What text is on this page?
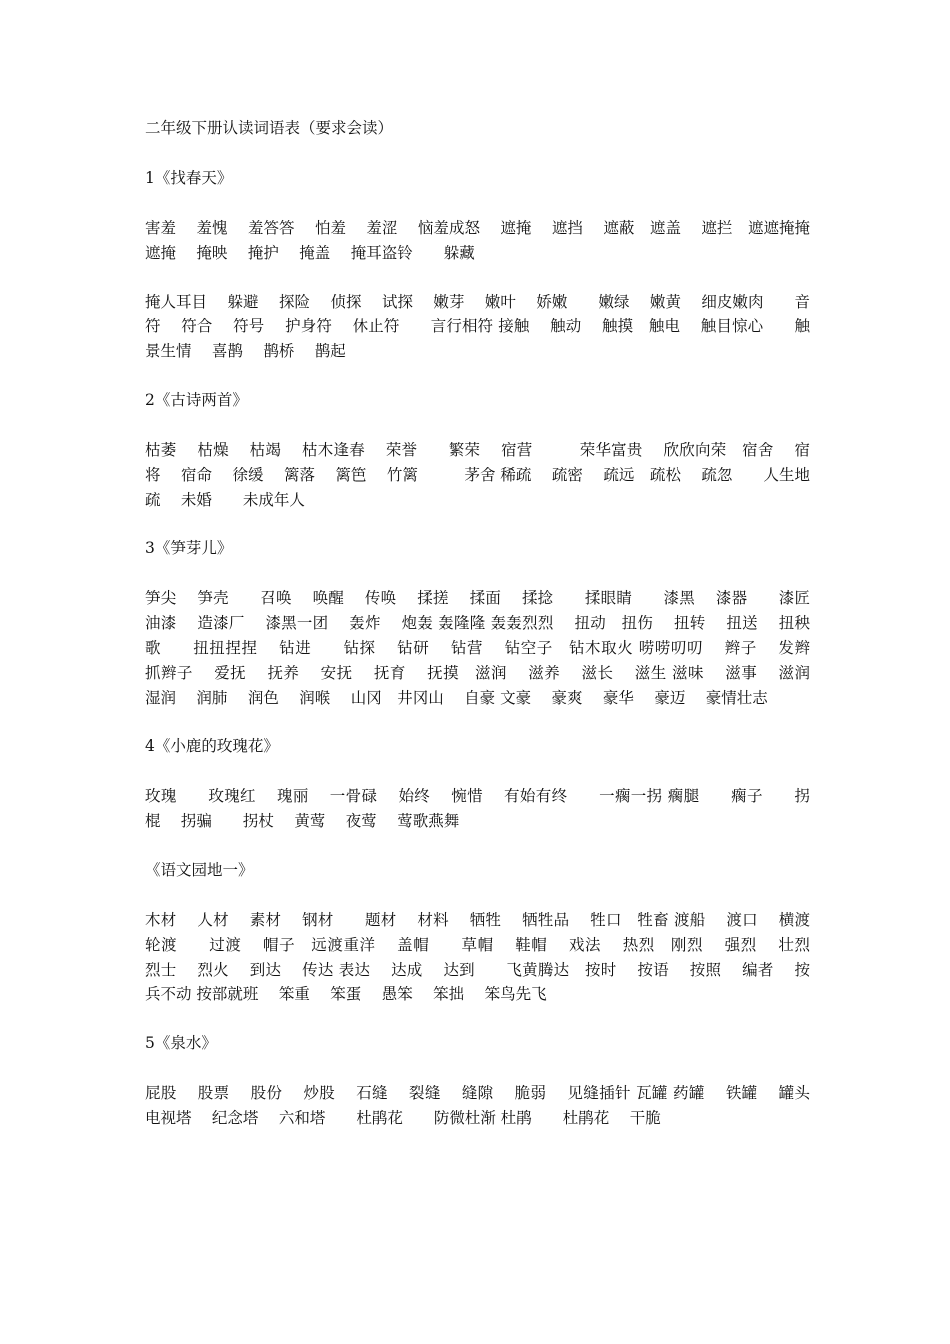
二年级下册认读词语表（要求会读）
1《找春天》
害羞　 羞愧　 羞答答　 怕羞　 羞涩　 恼羞成怒　 遮掩　 遮挡　 遮蔽　遮盖　 遮拦　遮遮掩掩　 遮掩　 掩映　 掩护　 掩盖　 掩耳盗铃　　躲藏
掩人耳目　 躲避　 探险　 侦探　 试探　 嫩芽　 嫩叶　 娇嫩　　嫩绿　 嫩黄　 细皮嫩肉　　音符　 符合　 符号　 护身符　 休止符　　言行相符 接触　 触动　 触摸　触电　 触目惊心　　触景生情　 喜鹊　 鹊桥　 鹊起
2《古诗两首》
枯萎　 枯燥　 枯竭　 枯木逢春　 荣誉　　繁荣　 宿营　　　荣华富贵　 欣欣向荣　宿舍　 宿将　 宿命　 徐缓　 篱落　 篱笆　 竹篱　　　茅舍 稀疏　 疏密　 疏远　疏松　 疏忽　　人生地疏　 未婚　　未成年人
3《笋芽儿》
笋尖　 笋壳　　召唤　 唤醒　 传唤　 揉搓　 揉面　 揉捻　　揉眼睛　　漆黑　 漆器　　漆匠　　油漆　 造漆厂　 漆黑一团　 轰炸　 炮轰 轰隆隆 轰轰烈烈　 扭动　扭伤　 扭转　 扭送　 扭秧歌　　扭扭捏捏　 钻进　　钻探　 钻研　 钻营　 钻空子　钻木取火 唠唠叨叨　 辫子　 发辫　　　抓辫子　 爱抚　 抚养　 安抚　 抚育　 抚摸　滋润　 滋养　 滋长　 滋生 滋味　 滋事　 滋润　 湿润　 润肺　 润色　 润喉　 山冈　井冈山　 自豪 文豪　 豪爽　 豪华　 豪迈　 豪情壮志
4《小鹿的玫瑰花》
玫瑰　　玫瑰红　 瑰丽　 一骨碌　 始终　 惋惜　 有始有终　　一瘸一拐 瘸腿　　瘸子　　拐棍　 拐骗　　拐杖　 黄莺　 夜莺　 莺歌燕舞
《语文园地一》
木材　 人材　 素材　 钢材　　题材　 材料　 牺牲　 牺牲品　 牲口　牲畜 渡船　 渡口　 横渡　 轮渡　　过渡　 帽子　远渡重洋　 盖帽　　草帽　 鞋帽　 戏法　 热烈　刚烈　 强烈　 壮烈　 烈士　 烈火　 到达　 传达 表达　 达成　 达到　　飞黄腾达　按时　 按语　 按照　 编者　 按兵不动 按部就班　 笨重　 笨蛋　 愚笨　 笨拙　 笨鸟先飞
5《泉水》
屁股　 股票　 股份　 炒股　 石缝　 裂缝　 缝隙　 脆弱　 见缝插针 瓦罐 药罐　 铁罐　 罐头　 电视塔　 纪念塔　 六和塔　　杜鹃花　　防微杜渐 杜鹃　　杜鹃花　 干脆
